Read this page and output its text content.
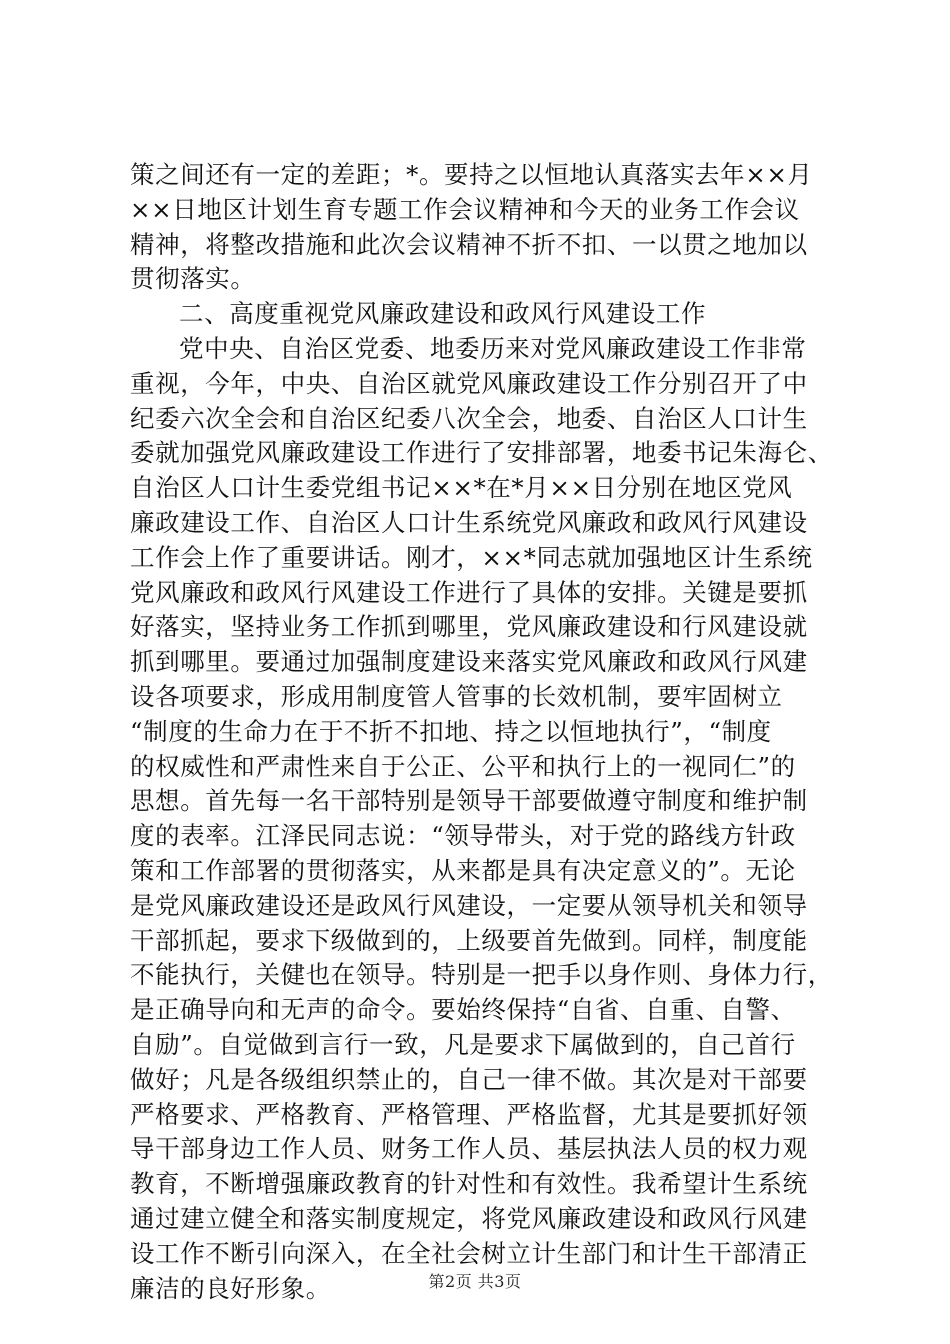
策之间还有一定的差距；*。要持之以恒地认真落实去年××月
××日地区计划生育专题工作会议精神和今天的业务工作会议
精神，将整改措施和此次会议精神不折不扣、一以贯之地加以
贯彻落实。
二、高度重视党风廉政建设和政风行风建设工作
党中央、自治区党委、地委历来对党风廉政建设工作非常
重视，今年，中央、自治区就党风廉政建设工作分别召开了中
纪委六次全会和自治区纪委八次全会，地委、自治区人口计生
委就加强党风廉政建设工作进行了安排部署，地委书记朱海仑、
自治区人口计生委党组书记××*在*月××日分别在地区党风
廉政建设工作、自治区人口计生系统党风廉政和政风行风建设
工作会上作了重要讲话。刚才，××*同志就加强地区计生系统
党风廉政和政风行风建设工作进行了具体的安排。关键是要抓
好落实，坚持业务工作抓到哪里，党风廉政建设和行风建设就
抓到哪里。要通过加强制度建设来落实党风廉政和政风行风建
设各项要求，形成用制度管人管事的长效机制，要牢固树立
“制度的生命力在于不折不扣地、持之以恒地执行”，“制度
的权威性和严肃性来自于公正、公平和执行上的一视同仁”的
思想。首先每一名干部特别是领导干部要做遵守制度和维护制
度的表率。江泽民同志说：“领导带头，对于党的路线方针政
策和工作部署的贯彻落实，从来都是具有决定意义的”。无论
是党风廉政建设还是政风行风建设，一定要从领导机关和领导
干部抓起，要求下级做到的，上级要首先做到。同样，制度能
不能执行，关健也在领导。特别是一把手以身作则、身体力行，
是正确导向和无声的命令。要始终保持“自省、自重、自警、
自励”。自觉做到言行一致，凡是要求下属做到的，自己首行
做好；凡是各级组织禁止的，自己一律不做。其次是对干部要
严格要求、严格教育、严格管理、严格监督，尤其是要抓好领
导干部身边工作人员、财务工作人员、基层执法人员的权力观
教育，不断增强廉政教育的针对性和有效性。我希望计生系统
通过建立健全和落实制度规定，将党风廉政建设和政风行风建
设工作不断引向深入，在全社会树立计生部门和计生干部清正
廉洁的良好形象。	第2页 共3页
